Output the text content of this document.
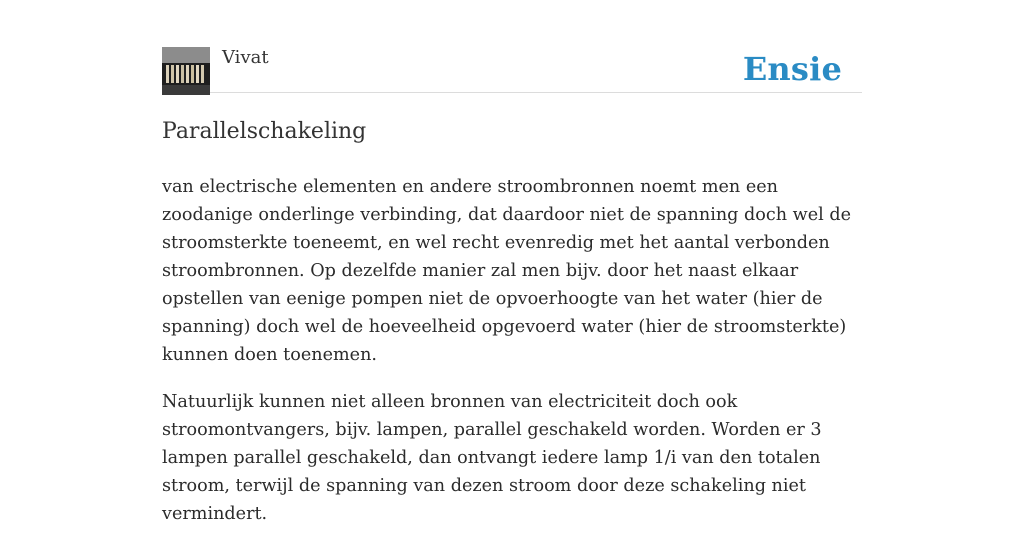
Vivat	Ensie
Parallelschakeling

van electrische elementen en andere stroombronnen noemt men een zoodanige onderlinge verbinding, dat daardoor niet de spanning doch wel de stroomsterkte toeneemt, en wel recht evenredig met het aantal verbonden stroombronnen. Op dezelfde manier zal men bijv. door het naast elkaar opstellen van eenige pompen niet de opvoerhoogte van het water (hier de spanning) doch wel de hoeveelheid opgevoerd water (hier de stroomsterkte) kunnen doen toenemen.

Natuurlijk kunnen niet alleen bronnen van electriciteit doch ook stroomontvangers, bijv. lampen, parallel geschakeld worden. Worden er 3 lampen parallel geschakeld, dan ontvangt iedere lamp 1/i van den totalen stroom, terwijl de spanning van dezen stroom door deze schakeling niet vermindert.
